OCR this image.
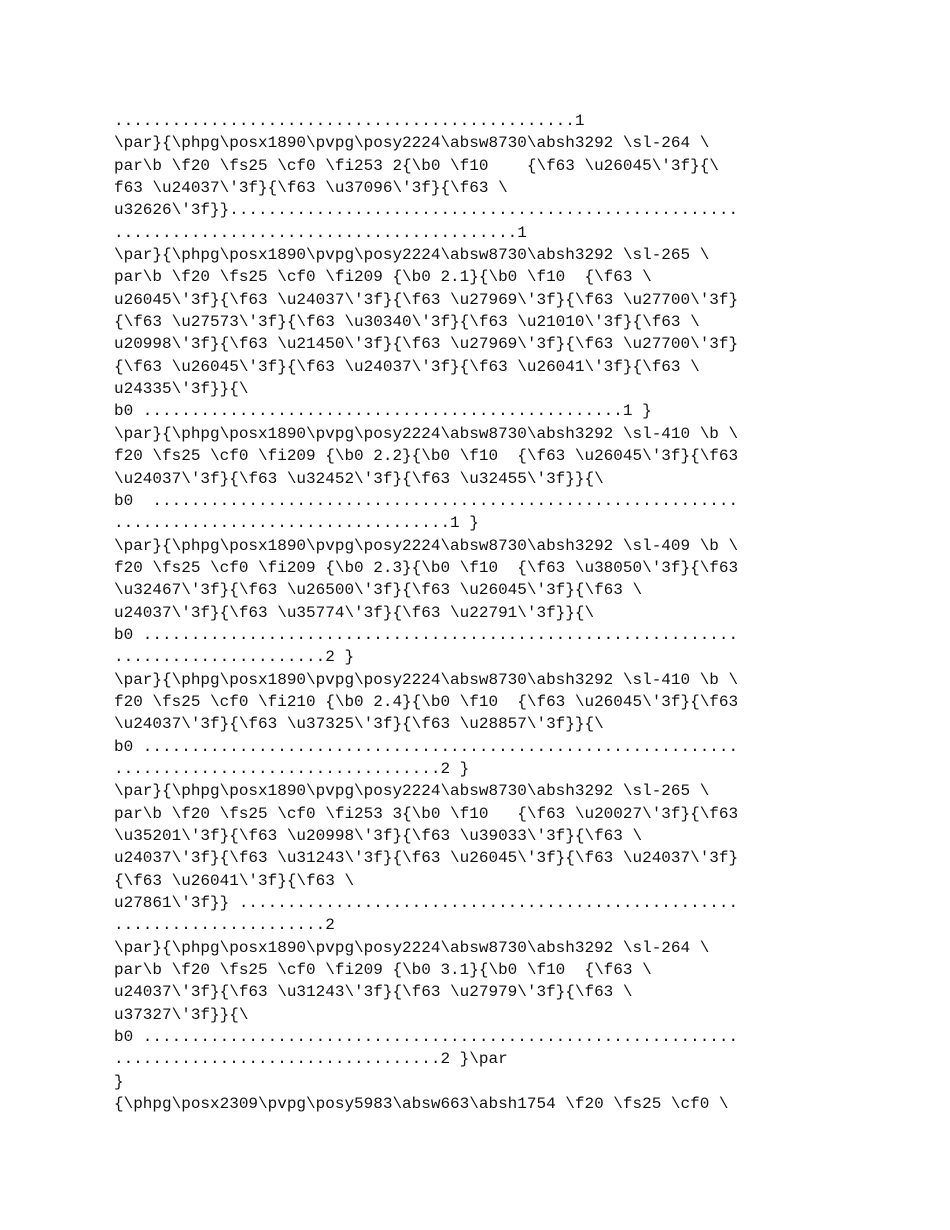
................................................1
\par}{\phpg\posx1890\pvpg\posy2224\absw8730\absh3292 \sl-264 \
par\b \f20 \fs25 \cf0 \fi253 2{\b0 \f10    {\f63 \u26045\'3f}{\
f63 \u24037\'3f}{\f63 \u37096\'3f}{\f63 \
u32626\'3f}}.....................................................
..........................................1
\par}{\phpg\posx1890\pvpg\posy2224\absw8730\absh3292 \sl-265 \
par\b \f20 \fs25 \cf0 \fi209 {\b0 2.1}{\b0 \f10  {\f63 \
u26045\'3f}{\f63 \u24037\'3f}{\f63 \u27969\'3f}{\f63 \u27700\'3f}
{\f63 \u27573\'3f}{\f63 \u30340\'3f}{\f63 \u21010\'3f}{\f63 \
u20998\'3f}{\f63 \u21450\'3f}{\f63 \u27969\'3f}{\f63 \u27700\'3f}
{\f63 \u26045\'3f}{\f63 \u24037\'3f}{\f63 \u26041\'3f}{\f63 \
u24335\'3f}}{\
b0 ..................................................1 }
\par}{\phpg\posx1890\pvpg\posy2224\absw8730\absh3292 \sl-410 \b \
f20 \fs25 \cf0 \fi209 {\b0 2.2}{\b0 \f10  {\f63 \u26045\'3f}{\f63
\u24037\'3f}{\f63 \u32452\'3f}{\f63 \u32455\'3f}}{\
b0  .............................................................
...................................1 }
\par}{\phpg\posx1890\pvpg\posy2224\absw8730\absh3292 \sl-409 \b \
f20 \fs25 \cf0 \fi209 {\b0 2.3}{\b0 \f10  {\f63 \u38050\'3f}{\f63
\u32467\'3f}{\f63 \u26500\'3f}{\f63 \u26045\'3f}{\f63 \
u24037\'3f}{\f63 \u35774\'3f}{\f63 \u22791\'3f}}{\
b0 ..............................................................
......................2 }
\par}{\phpg\posx1890\pvpg\posy2224\absw8730\absh3292 \sl-410 \b \
f20 \fs25 \cf0 \fi210 {\b0 2.4}{\b0 \f10  {\f63 \u26045\'3f}{\f63
\u24037\'3f}{\f63 \u37325\'3f}{\f63 \u28857\'3f}}{\
b0 ..............................................................
..................................2 }
\par}{\phpg\posx1890\pvpg\posy2224\absw8730\absh3292 \sl-265 \
par\b \f20 \fs25 \cf0 \fi253 3{\b0 \f10   {\f63 \u20027\'3f}{\f63
\u35201\'3f}{\f63 \u20998\'3f}{\f63 \u39033\'3f}{\f63 \
u24037\'3f}{\f63 \u31243\'3f}{\f63 \u26045\'3f}{\f63 \u24037\'3f}
{\f63 \u26041\'3f}{\f63 \
u27861\'3f}} ....................................................
......................2
\par}{\phpg\posx1890\pvpg\posy2224\absw8730\absh3292 \sl-264 \
par\b \f20 \fs25 \cf0 \fi209 {\b0 3.1}{\b0 \f10  {\f63 \
u24037\'3f}{\f63 \u31243\'3f}{\f63 \u27979\'3f}{\f63 \
u37327\'3f}}{\
b0 ..............................................................
..................................2 }\par
}
{\phpg\posx2309\pvpg\posy5983\absw663\absh1754 \f20 \fs25 \cf0 \
